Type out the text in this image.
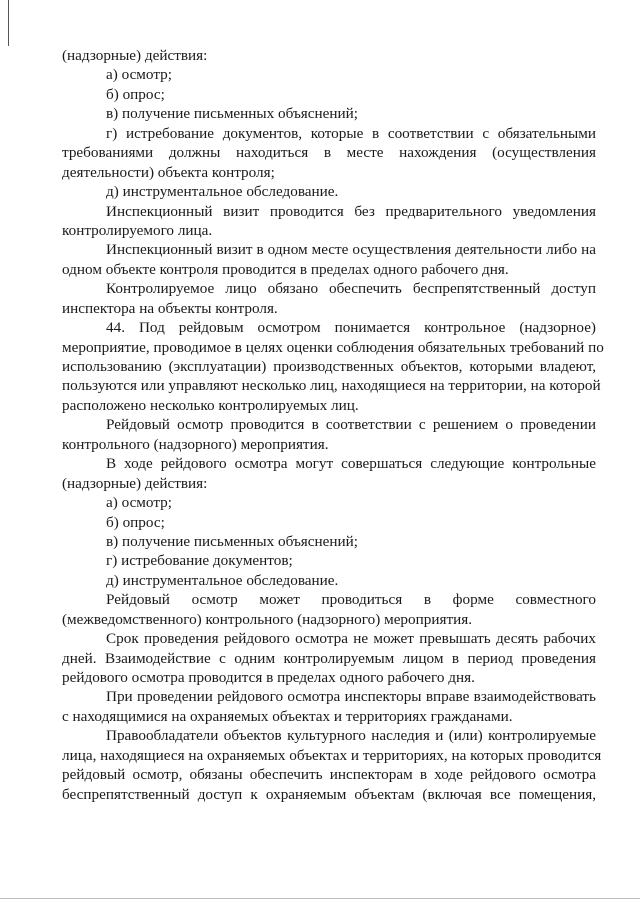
(надзорные) действия:
а) осмотр;
б) опрос;
в) получение письменных объяснений;
г) истребование документов, которые в соответствии с обязательными
требованиями должны находиться в месте нахождения (осуществления
деятельности) объекта контроля;
д) инструментальное обследование.
Инспекционный визит проводится без предварительного уведомления
контролируемого лица.
Инспекционный визит в одном месте осуществления деятельности либо на
одном объекте контроля проводится в пределах одного рабочего дня.
Контролируемое лицо обязано обеспечить беспрепятственный доступ
инспектора на объекты контроля.
44. Под рейдовым осмотром понимается контрольное (надзорное)
мероприятие, проводимое в целях оценки соблюдения обязательных требований по
использованию (эксплуатации) производственных объектов, которыми владеют,
пользуются или управляют несколько лиц, находящиеся на территории, на которой
расположено несколько контролируемых лиц.
Рейдовый осмотр проводится в соответствии с решением о проведении
контрольного (надзорного) мероприятия.
В ходе рейдового осмотра могут совершаться следующие контрольные
(надзорные) действия:
а) осмотр;
б) опрос;
в) получение письменных объяснений;
г) истребование документов;
д) инструментальное обследование.
Рейдовый осмотр может проводиться в форме совместного
(межведомственного) контрольного (надзорного) мероприятия.
Срок проведения рейдового осмотра не может превышать десять рабочих
дней. Взаимодействие с одним контролируемым лицом в период проведения
рейдового осмотра проводится в пределах одного рабочего дня.
При проведении рейдового осмотра инспекторы вправе взаимодействовать
с находящимися на охраняемых объектах и территориях гражданами.
Правообладатели объектов культурного наследия и (или) контролируемые
лица, находящиеся на охраняемых объектах и территориях, на которых проводится
рейдовый осмотр, обязаны обеспечить инспекторам в ходе рейдового осмотра
беспрепятственный доступ к охраняемым объектам (включая все помещения,
